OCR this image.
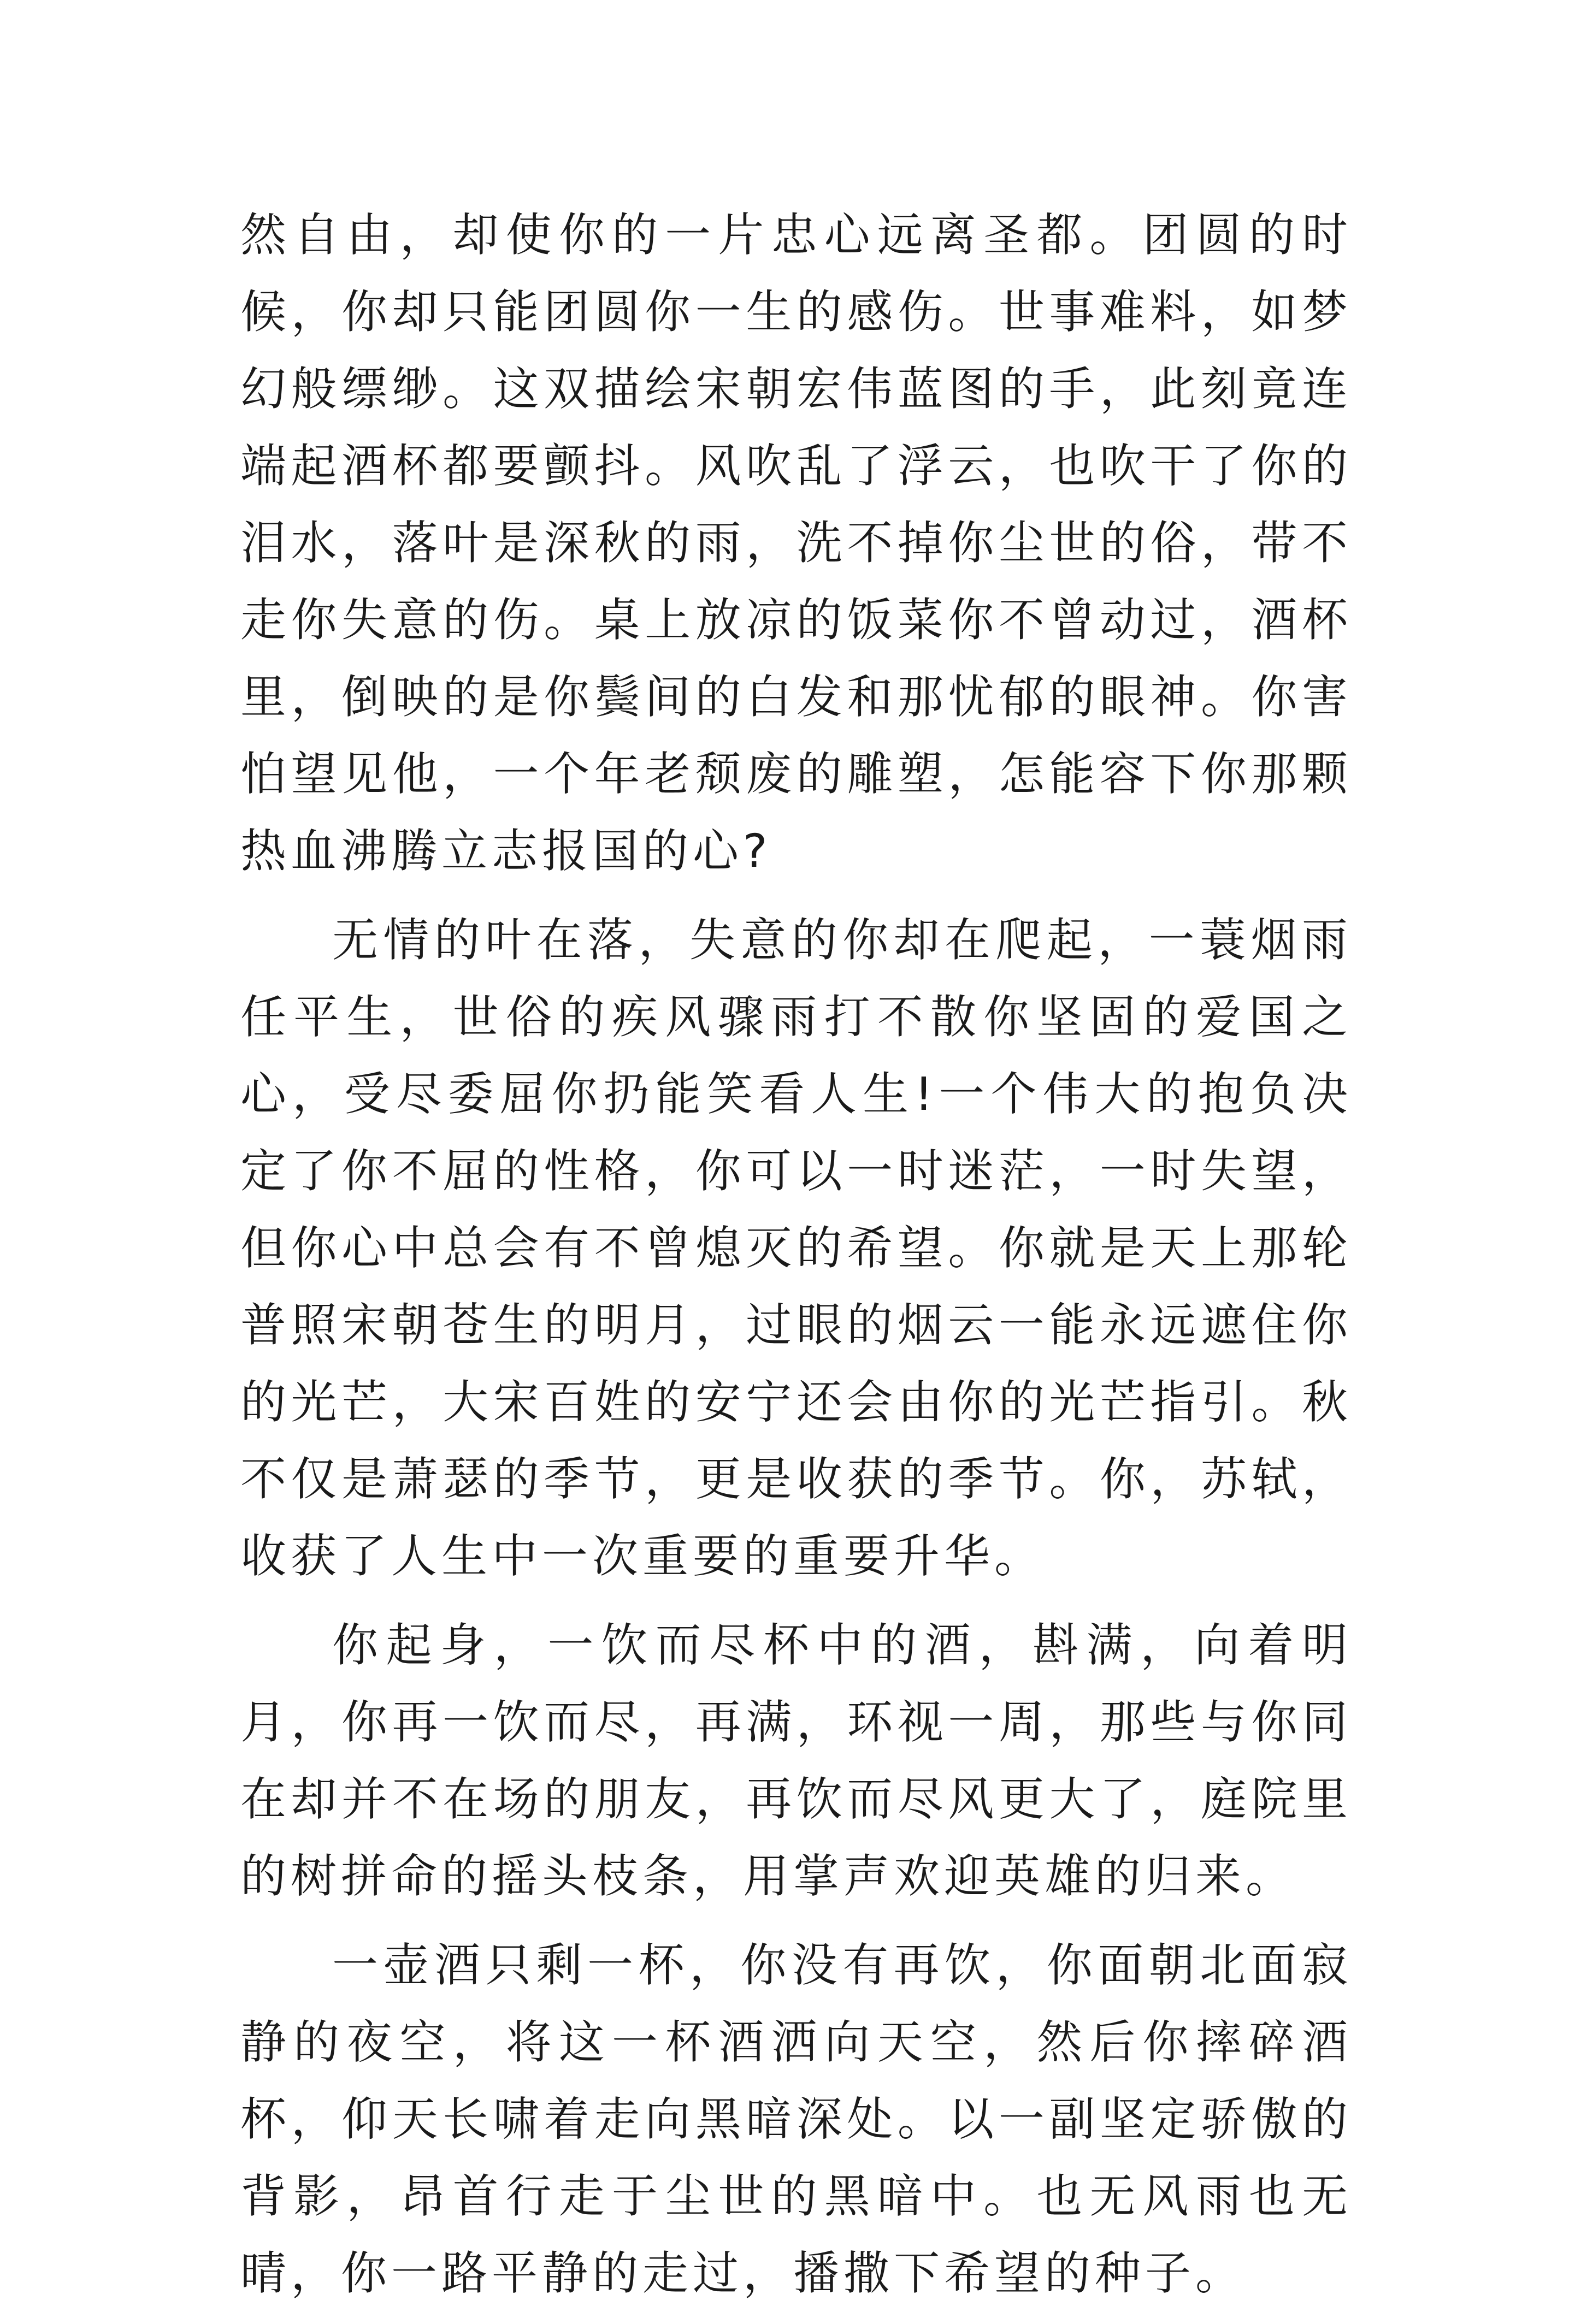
然自由，却使你的一片忠心远离圣都。团圆的时候，你却只能团圆你一生的感伤。世事难料，如梦幻般缥缈。这双描绘宋朝宏伟蓝图的手，此刻竟连端起酒杯都要颤抖。风吹乱了浮云，也吹干了你的泪水，落叶是深秋的雨，洗不掉你尘世的俗，带不走你失意的伤。桌上放凉的饭菜你不曾动过，酒杯里，倒映的是你鬓间的白发和那忧郁的眼神。你害怕望见他，一个年老颓废的雕塑，怎能容下你那颗热血沸腾立志报国的心?

无情的叶在落，失意的你却在爬起，一蓑烟雨任平生，世俗的疾风骤雨打不散你坚固的爱国之心，受尽委屈你扔能笑看人生!一个伟大的抱负决定了你不屈的性格，你可以一时迷茫，一时失望，但你心中总会有不曾熄灭的希望。你就是天上那轮普照宋朝苍生的明月，过眼的烟云一能永远遮住你的光芒，大宋百姓的安宁还会由你的光芒指引。秋不仅是萧瑟的季节，更是收获的季节。你，苏轼，收获了人生中一次重要的重要升华。

你起身，一饮而尽杯中的酒，斟满，向着明月，你再一饮而尽，再满，环视一周，那些与你同在却并不在场的朋友，再饮而尽风更大了，庭院里的树拼命的摇头枝条，用掌声欢迎英雄的归来。

一壶酒只剩一杯，你没有再饮，你面朝北面寂静的夜空，将这一杯酒洒向天空，然后你摔碎酒杯，仰天长啸着走向黑暗深处。以一副坚定骄傲的背影，昂首行走于尘世的黑暗中。也无风雨也无晴，你一路平静的走过，播撒下希望的种子。
